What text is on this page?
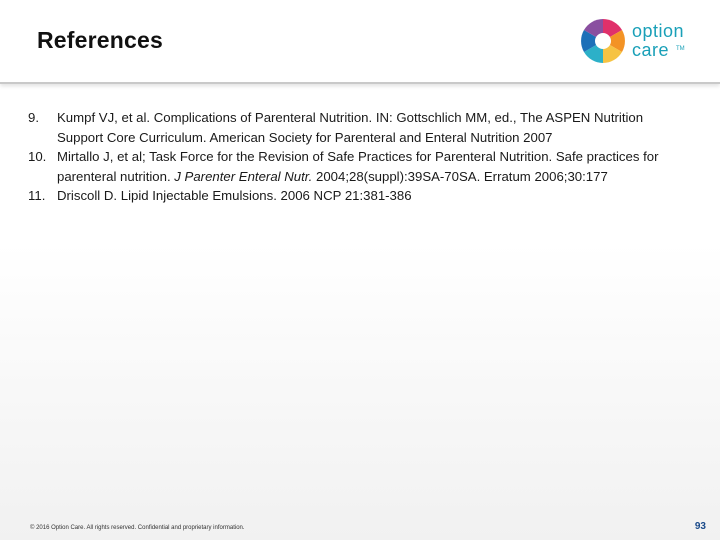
References	option
care	TM
9. Kumpf VJ, et al. Complications of Parenteral Nutrition. IN: Gottschlich MM, ed., The ASPEN Nutrition Support Core Curriculum. American Society for Parenteral and Enteral Nutrition 2007
10. Mirtallo J, et al; Task Force for the Revision of Safe Practices for Parenteral Nutrition. Safe practices for parenteral nutrition. J Parenter Enteral Nutr. 2004;28(suppl):39SA-70SA. Erratum 2006;30:177
11. Driscoll D. Lipid Injectable Emulsions. 2006 NCP 21:381-386
© 2016 Option Care. All rights reserved. Confidential and proprietary information.	93
